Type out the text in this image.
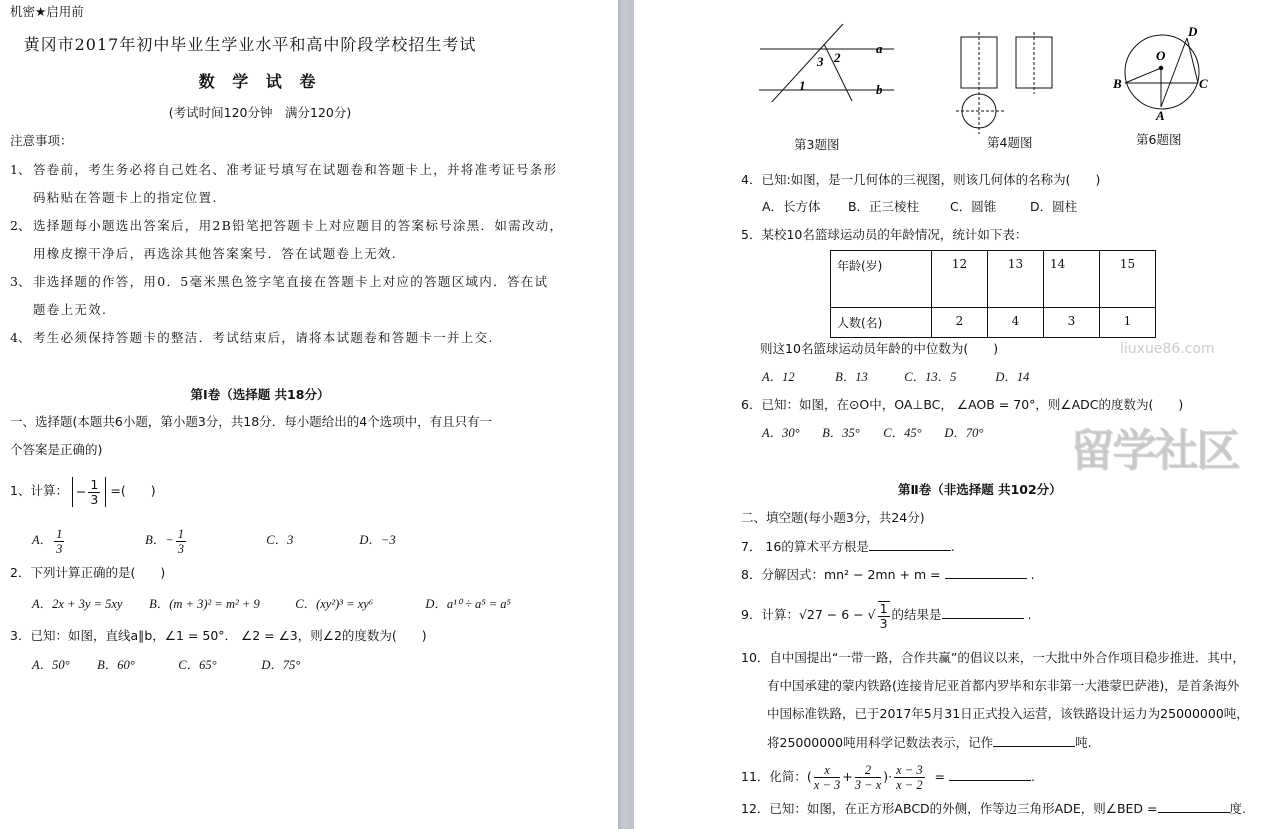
机密★启用前
黄冈市2017年初中毕业生学业水平和高中阶段学校招生考试
数 学 试 卷
(考试时间120分钟　满分120分)
注意事项：
1、 答卷前，考生务必将自己姓名、准考证号填写在试题卷和答题卡上，并将准考证号条形
码粘贴在答题卡上的指定位置.
2、 选择题每小题选出答案后，用2B铅笔把答题卡上对应题目的答案标号涂黑．如需改动，
用橡皮擦干净后，再选涂其他答案案号．答在试题卷上无效.
3、 非选择题的作答，用0．5毫米黑色签字笔直接在答题卡上对应的答题区域内．答在试
题卷上无效.
4、 考生必须保持答题卡的整洁．考试结束后，请将本试题卷和答题卡一并上交.
第Ⅰ卷（选择题 共18分）
一、选择题(本题共6小题，第小题3分，共18分．每小题给出的4个选项中，有且只有一
个答案是正确的)
1、计算： − $\frac{1}{3}$ =(　　)
A． $\frac{1}{3}$	B．− $\frac{1}{3}$	C．3	D．−3
2．下列计算正确的是(　　)
A．2x + 3y = 5xy B．(m + 3)² = m² + 9	C．(xy²)³ = xy⁶	D．a¹⁰ ÷ a⁵ = a⁵
3．已知：如图，直线a∥b，∠1 = 50°． ∠2 = ∠3，则∠2的度数为(　　)
A．50° B．60°	C．65°	D．75°
a
b
1
2
3
第3题图	第4题图
O
B	C
D
A
第6题图
4．已知:如图，是一几何体的三视图，则该几何体的名称为(　　)
A．长方体 B．正三棱柱 C．圆锥	D．圆柱
5．某校10名篮球运动员的年龄情况，统计如下表：
年龄(岁)	12	13	14	15
人数(名)	2	4	3	1
则这10名篮球运动员年龄的中位数为(　　)
A．12	B．13	C．13．5	D．14
6．已知：如图，在⊙O中，OA⊥BC， ∠AOB = 70°，则∠ADC的度数为(　　)
A．30° B．35° C．45° D．70°
第Ⅱ卷（非选择题 共102分）
二、填空题(每小题3分，共24分)
7． 16的算术平方根是	.
8．分解因式：mn² − 2mn + m =	.
9．计算：√27 − 6 − √ $\frac{1}{3}$ 的结果是	.
10．自中国提出“一带一路，合作共赢”的倡议以来，一大批中外合作项目稳步推进．其中，
有中国承建的蒙内铁路(连接肯尼亚首都内罗毕和东非第一大港蒙巴萨港)，是首条海外
中国标准铁路，已于2017年5月31日正式投入运营，该铁路设计运力为25000000吨，
将25000000吨用科学记数法表示，记作	吨.
11．化简：( $\frac{x}{x - 3} + \frac{2}{3 - x}$ )· $\frac{x - 3}{x - 2}$ =	.
12．已知：如图，在正方形ABCD的外侧，作等边三角形ADE，则∠BED =	度.
留学社区
liuxue86.com
